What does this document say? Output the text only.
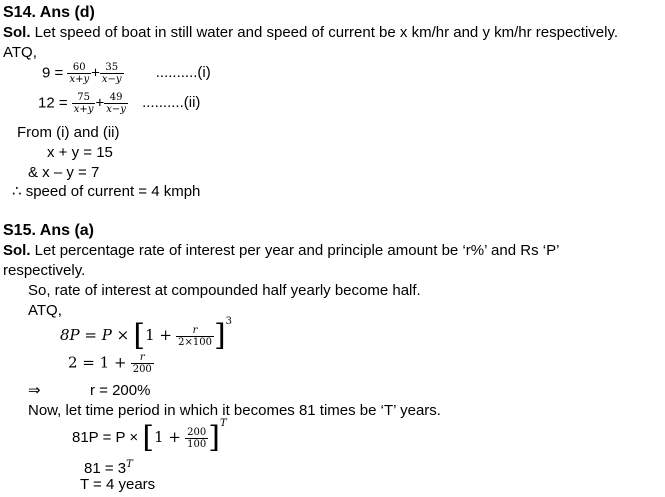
S14. Ans (d)
Sol. Let speed of boat in still water and speed of current be x km/hr and y km/hr respectively.
ATQ,
$9 = \frac{60}{x+y} + \frac{35}{x-y} ..........(i)$
$12 = \frac{75}{x+y} + \frac{49}{x-y} ..........(ii)$
From (i) and (ii)
x + y = 15
& x – y = 7
∴ speed of current = 4 kmph
S15. Ans (a)
Sol. Let percentage rate of interest per year and principle amount be ‘r%’ and Rs ‘P’
respectively.
So, rate of interest at compounded half yearly become half.
ATQ,
$8P = P \times [1 + \frac{r}{2\times 100} ]^3$
$2 = 1 + \frac{r}{200}$
⇒	r = 200%
Now, let time period in which it becomes 81 times be ‘T’ years.
$81P = P \times [1 + \frac{200}{100} ]^T$
$81 = 3^T$
T = 4 years
